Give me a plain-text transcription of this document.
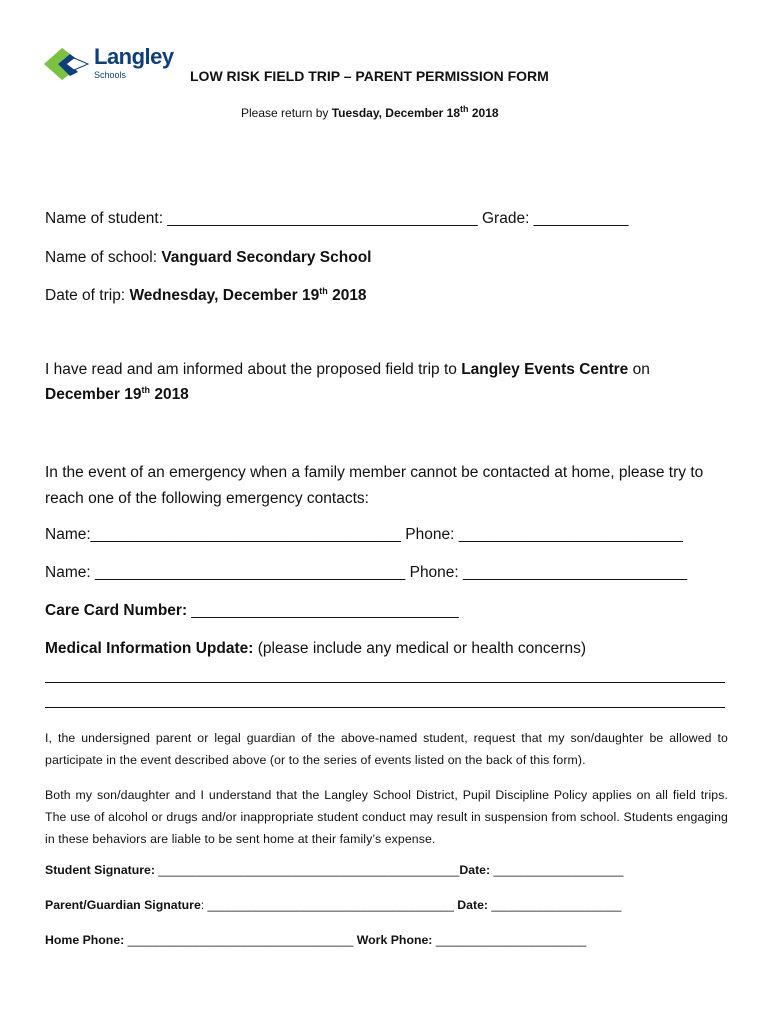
Langley
Schools	LOW RISK FIELD TRIP – PARENT PERMISSION FORM
Please return by Tuesday, December 18th 2018
Name of student: ____________________________________ Grade: ___________
Name of school: Vanguard Secondary School
Date of trip: Wednesday, December 19th 2018
I have read and am informed about the proposed field trip to Langley Events Centre on
December 19th 2018
In the event of an emergency when a family member cannot be contacted at home, please try to reach one of the following emergency contacts:
Name:____________________________________ Phone: __________________________
Name: ____________________________________ Phone: __________________________
Care Card Number: _______________________________
Medical Information Update: (please include any medical or health concerns)
I, the undersigned parent or legal guardian of the above-named student, request that my son/daughter be allowed to participate in the event described above (or to the series of events listed on the back of this form).
Both my son/daughter and I understand that the Langley School District, Pupil Discipline Policy applies on all field trips. The use of alcohol or drugs and/or inappropriate student conduct may result in suspension from school. Students engaging in these behaviors are liable to be sent home at their family’s expense.
Student Signature: ____________________________________________Date: ___________________
Parent/Guardian Signature: ____________________________________ Date: ___________________
Home Phone: _________________________________ Work Phone: ______________________
